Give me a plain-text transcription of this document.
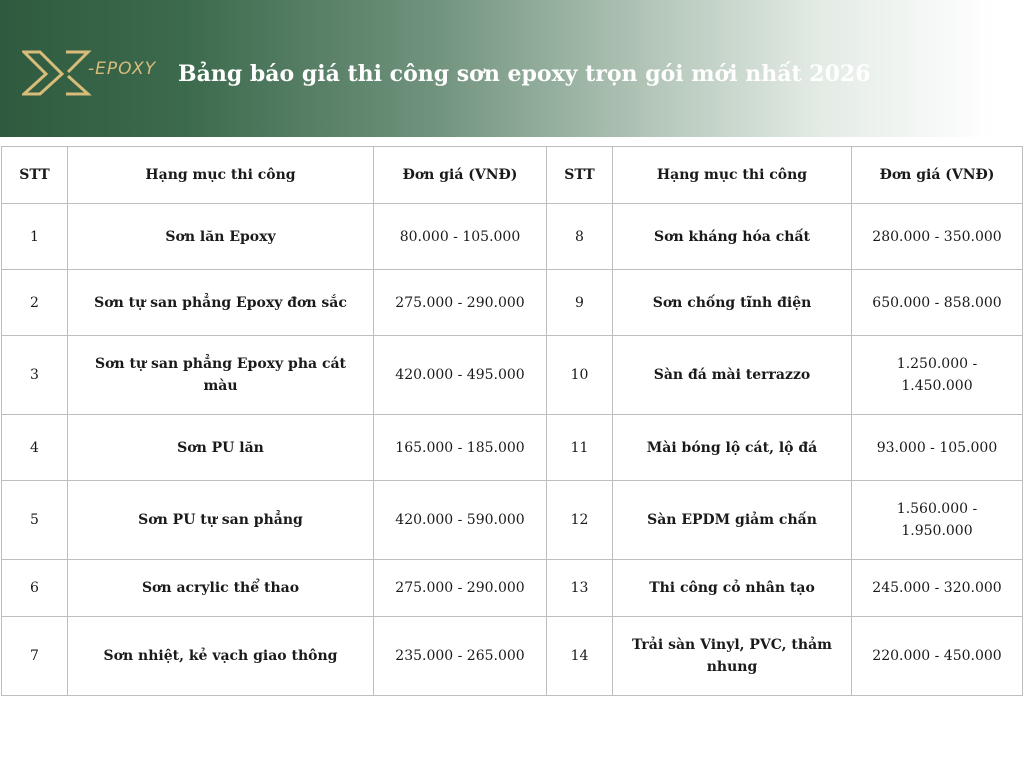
-EPOXY Bảng báo giá thi công sơn epoxy trọn gói mới nhất 2026
STT	Hạng mục thi công	Đơn giá (VNĐ)	STT	Hạng mục thi công	Đơn giá (VNĐ)
1	Sơn lăn Epoxy	80.000 - 105.000	8	Sơn kháng hóa chất	280.000 - 350.000
2	Sơn tự san phẳng Epoxy đơn sắc	275.000 - 290.000	9	Sơn chống tĩnh điện	650.000 - 858.000
3	Sơn tự san phẳng Epoxy pha cát màu	420.000 - 495.000	10	Sàn đá mài terrazzo	1.250.000 - 1.450.000
4	Sơn PU lăn	165.000 - 185.000	11	Mài bóng lộ cát, lộ đá	93.000 - 105.000
5	Sơn PU tự san phẳng	420.000 - 590.000	12	Sàn EPDM giảm chấn	1.560.000 - 1.950.000
6	Sơn acrylic thể thao	275.000 - 290.000	13	Thi công cỏ nhân tạo	245.000 - 320.000
7	Sơn nhiệt, kẻ vạch giao thông	235.000 - 265.000	14	Trải sàn Vinyl, PVC, thảm nhung	220.000 - 450.000
